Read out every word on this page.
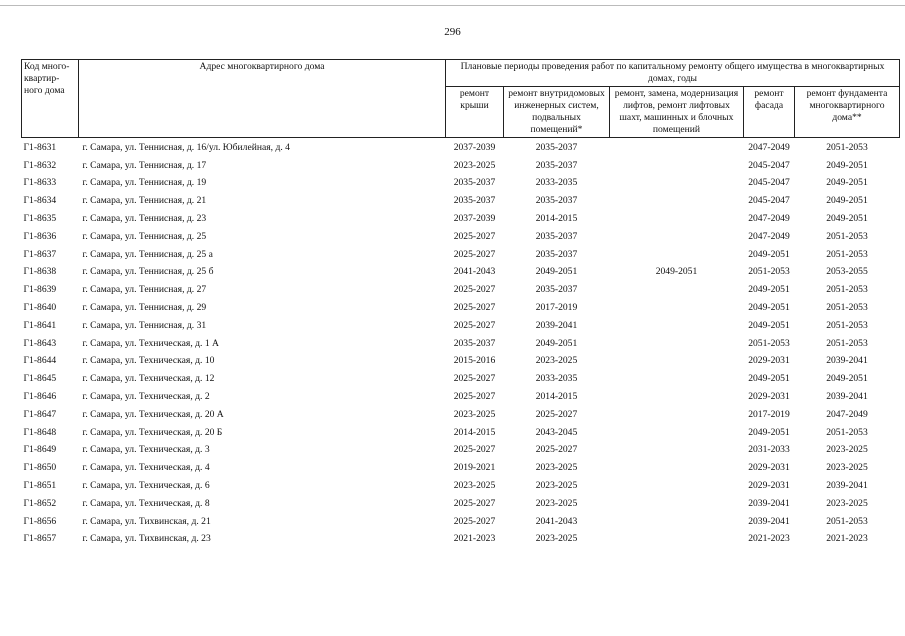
296
Код много-квартир-ного дома	Адрес многоквартирного дома	Плановые периоды проведения работ по капитальному ремонту общего имущества в многоквартирных домах, годы				
		ремонт крыши	ремонт внутридомовых инженерных систем, подвальных помещений*	ремонт, замена, модернизация лифтов, ремонт лифтовых шахт, машинных и блочных помещений	ремонт фасада	ремонт фундамента многоквартирного дома**
Г1-8631	г. Самара, ул. Теннисная, д. 16/ул. Юбилейная, д. 4	2037-2039	2035-2037		2047-2049	2051-2053
Г1-8632	г. Самара, ул. Теннисная, д. 17	2023-2025	2035-2037		2045-2047	2049-2051
Г1-8633	г. Самара, ул. Теннисная, д. 19	2035-2037	2033-2035		2045-2047	2049-2051
Г1-8634	г. Самара, ул. Теннисная, д. 21	2035-2037	2035-2037		2045-2047	2049-2051
Г1-8635	г. Самара, ул. Теннисная, д. 23	2037-2039	2014-2015		2047-2049	2049-2051
Г1-8636	г. Самара, ул. Теннисная, д. 25	2025-2027	2035-2037		2047-2049	2051-2053
Г1-8637	г. Самара, ул. Теннисная, д. 25 а	2025-2027	2035-2037		2049-2051	2051-2053
Г1-8638	г. Самара, ул. Теннисная, д. 25 б	2041-2043	2049-2051	2049-2051	2051-2053	2053-2055
Г1-8639	г. Самара, ул. Теннисная, д. 27	2025-2027	2035-2037		2049-2051	2051-2053
Г1-8640	г. Самара, ул. Теннисная, д. 29	2025-2027	2017-2019		2049-2051	2051-2053
Г1-8641	г. Самара, ул. Теннисная, д. 31	2025-2027	2039-2041		2049-2051	2051-2053
Г1-8643	г. Самара, ул. Техническая, д. 1 А	2035-2037	2049-2051		2051-2053	2051-2053
Г1-8644	г. Самара, ул. Техническая, д. 10	2015-2016	2023-2025		2029-2031	2039-2041
Г1-8645	г. Самара, ул. Техническая, д. 12	2025-2027	2033-2035		2049-2051	2049-2051
Г1-8646	г. Самара, ул. Техническая, д. 2	2025-2027	2014-2015		2029-2031	2039-2041
Г1-8647	г. Самара, ул. Техническая, д. 20 А	2023-2025	2025-2027		2017-2019	2047-2049
Г1-8648	г. Самара, ул. Техническая, д. 20 Б	2014-2015	2043-2045		2049-2051	2051-2053
Г1-8649	г. Самара, ул. Техническая, д. 3	2025-2027	2025-2027		2031-2033	2023-2025
Г1-8650	г. Самара, ул. Техническая, д. 4	2019-2021	2023-2025		2029-2031	2023-2025
Г1-8651	г. Самара, ул. Техническая, д. 6	2023-2025	2023-2025		2029-2031	2039-2041
Г1-8652	г. Самара, ул. Техническая, д. 8	2025-2027	2023-2025		2039-2041	2023-2025
Г1-8656	г. Самара, ул. Тихвинская, д. 21	2025-2027	2041-2043		2039-2041	2051-2053
Г1-8657	г. Самара, ул. Тихвинская, д. 23	2021-2023	2023-2025		2021-2023	2021-2023
